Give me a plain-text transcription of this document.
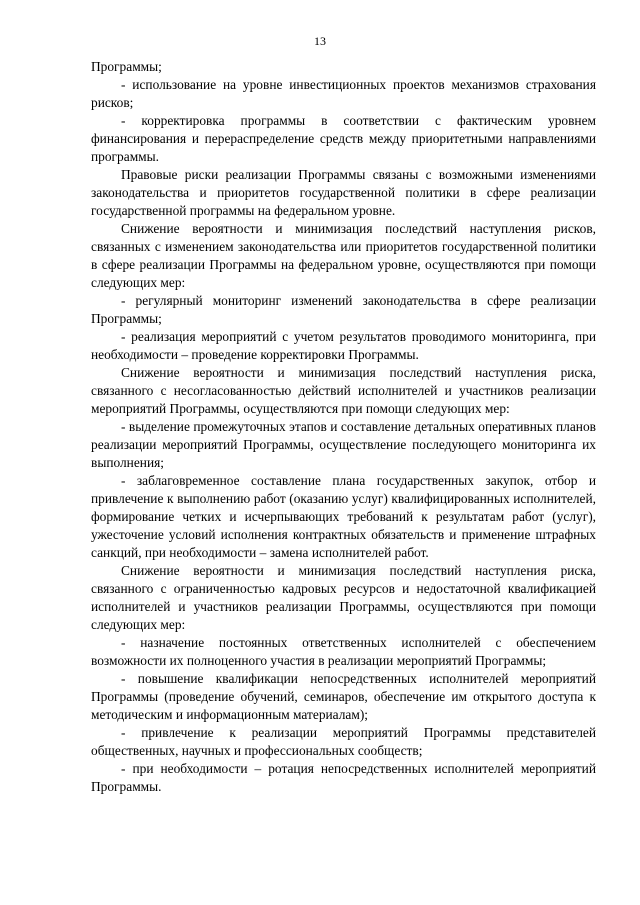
13

Программы;

- использование на уровне инвестиционных проектов механизмов страхования рисков;

- корректировка программы в соответствии с фактическим уровнем финансирования и перераспределение средств между приоритетными направлениями программы.

Правовые риски реализации Программы связаны с возможными изменениями законодательства и приоритетов государственной политики в сфере реализации государственной программы на федеральном уровне.

Снижение вероятности и минимизация последствий наступления рисков, связанных с изменением законодательства или приоритетов государственной политики в сфере реализации Программы на федеральном уровне, осуществляются при помощи следующих мер:

- регулярный мониторинг изменений законодательства в сфере реализации Программы;

- реализация мероприятий с учетом результатов проводимого мониторинга, при необходимости – проведение корректировки Программы.

Снижение вероятности и минимизация последствий наступления риска, связанного с несогласованностью действий исполнителей и участников реализации мероприятий Программы, осуществляются при помощи следующих мер:

- выделение промежуточных этапов и составление детальных оперативных планов реализации мероприятий Программы, осуществление последующего мониторинга их выполнения;

- заблаговременное составление плана государственных закупок, отбор и привлечение к выполнению работ (оказанию услуг) квалифицированных исполнителей, формирование четких и исчерпывающих требований к результатам работ (услуг), ужесточение условий исполнения контрактных обязательств и применение штрафных санкций, при необходимости – замена исполнителей работ.

Снижение вероятности и минимизация последствий наступления риска, связанного с ограниченностью кадровых ресурсов и недостаточной квалификацией исполнителей и участников реализации Программы, осуществляются при помощи следующих мер:

- назначение постоянных ответственных исполнителей с обеспечением возможности их полноценного участия в реализации мероприятий Программы;

- повышение квалификации непосредственных исполнителей мероприятий Программы (проведение обучений, семинаров, обеспечение им открытого доступа к методическим и информационным материалам);

- привлечение к реализации мероприятий Программы представителей общественных, научных и профессиональных сообществ;

- при необходимости – ротация непосредственных исполнителей мероприятий Программы.
